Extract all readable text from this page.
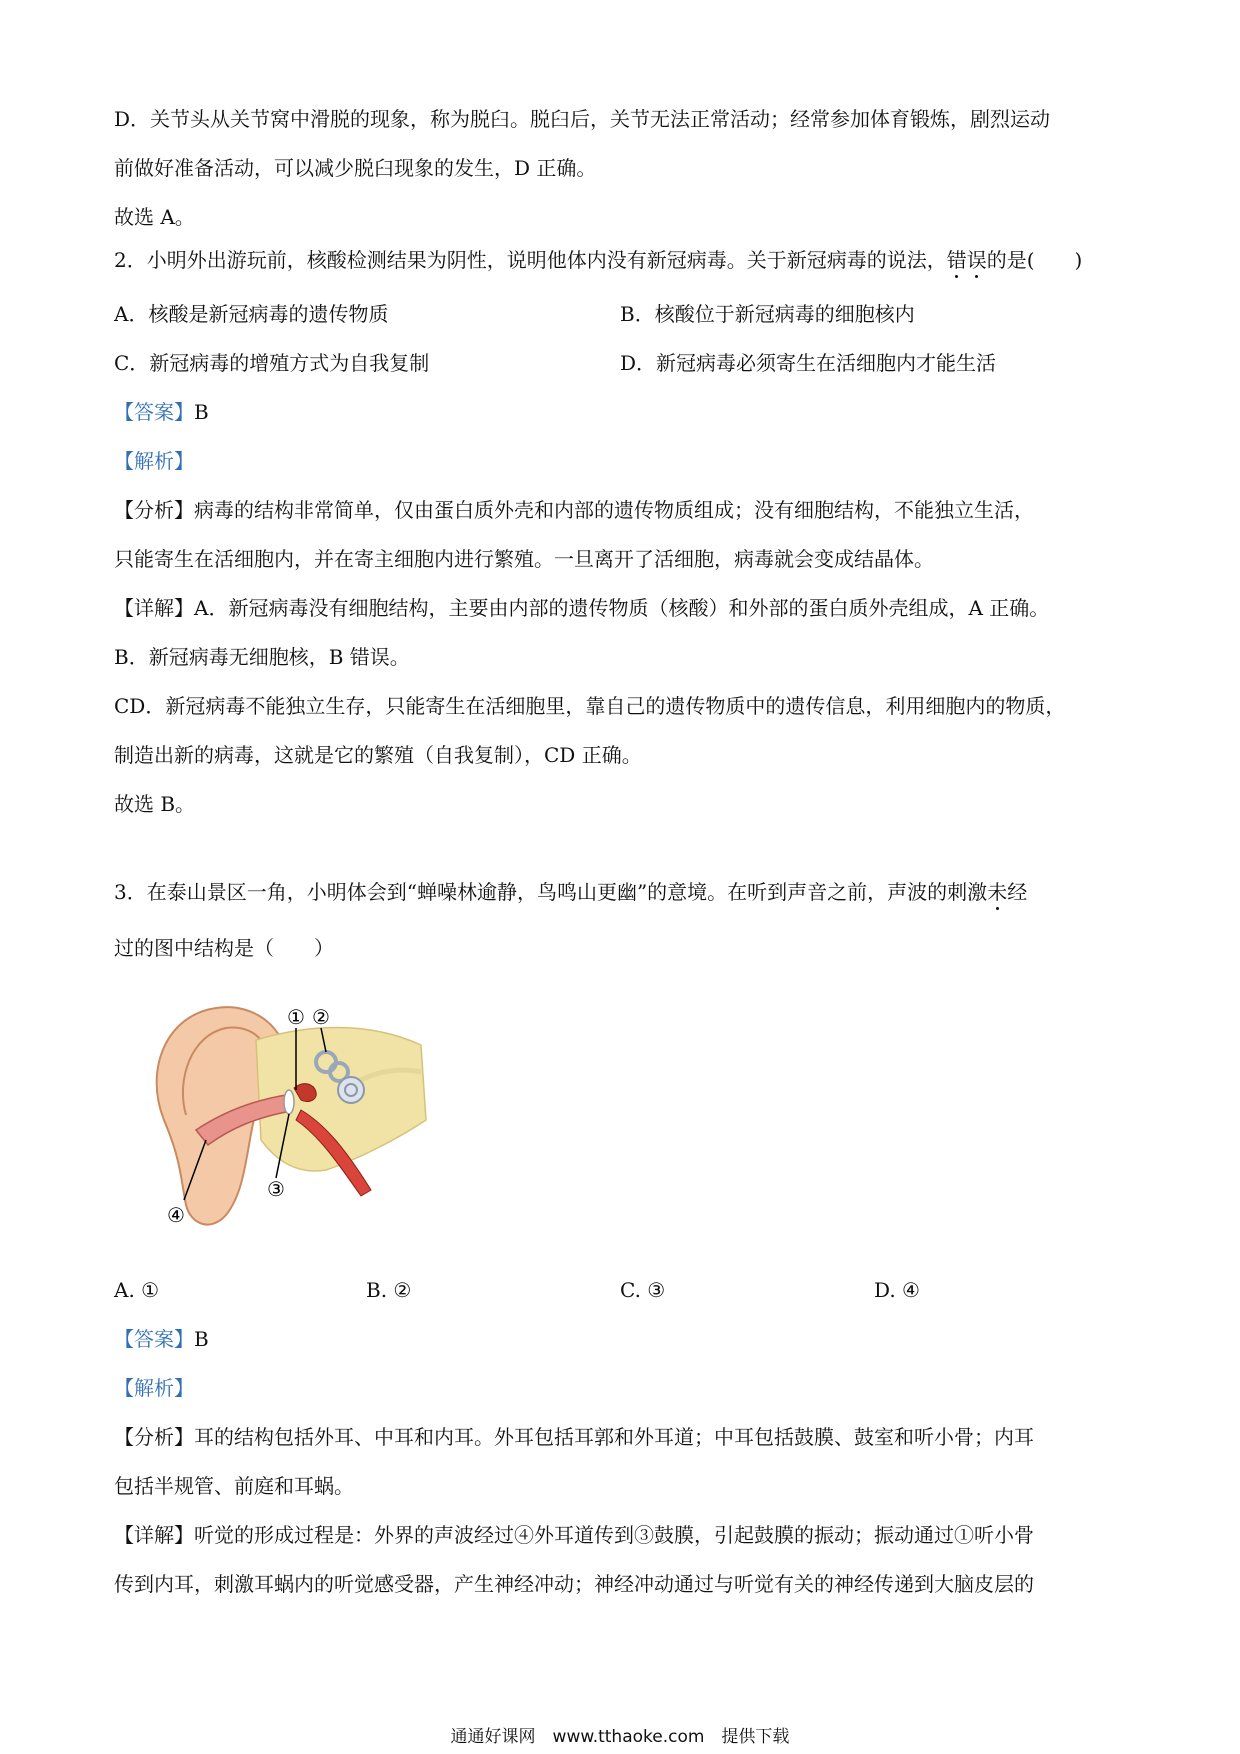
D．关节头从关节窝中滑脱的现象，称为脱臼。脱臼后，关节无法正常活动；经常参加体育锻炼，剧烈运动
前做好准备活动，可以减少脱臼现象的发生，D 正确。
故选 A。
2．小明外出游玩前，核酸检测结果为阴性，说明他体内没有新冠病毒。关于新冠病毒的说法，错误的是(　　)
A．核酸是新冠病毒的遗传物质	B．核酸位于新冠病毒的细胞核内
C．新冠病毒的增殖方式为自我复制	D．新冠病毒必须寄生在活细胞内才能生活
【答案】B
【解析】
【分析】病毒的结构非常简单，仅由蛋白质外壳和内部的遗传物质组成；没有细胞结构，不能独立生活，
只能寄生在活细胞内，并在寄主细胞内进行繁殖。一旦离开了活细胞，病毒就会变成结晶体。
【详解】A．新冠病毒没有细胞结构，主要由内部的遗传物质（核酸）和外部的蛋白质外壳组成，A 正确。
B．新冠病毒无细胞核，B 错误。
CD．新冠病毒不能独立生存，只能寄生在活细胞里，靠自己的遗传物质中的遗传信息，利用细胞内的物质，
制造出新的病毒，这就是它的繁殖（自我复制），CD 正确。
故选 B。
3．在泰山景区一角，小明体会到“蝉噪林逾静，鸟鸣山更幽”的意境。在听到声音之前，声波的刺激未经
过的图中结构是（　　）
① ②
③
④
A. ①	B. ②	C. ③	D. ④
【答案】B
【解析】
【分析】耳的结构包括外耳、中耳和内耳。外耳包括耳郭和外耳道；中耳包括鼓膜、鼓室和听小骨；内耳
包括半规管、前庭和耳蜗。
【详解】听觉的形成过程是：外界的声波经过④外耳道传到③鼓膜，引起鼓膜的振动；振动通过①听小骨
传到内耳，刺激耳蜗内的听觉感受器，产生神经冲动；神经冲动通过与听觉有关的神经传递到大脑皮层的
通通好课网　www.tthaoke.com　提供下载
